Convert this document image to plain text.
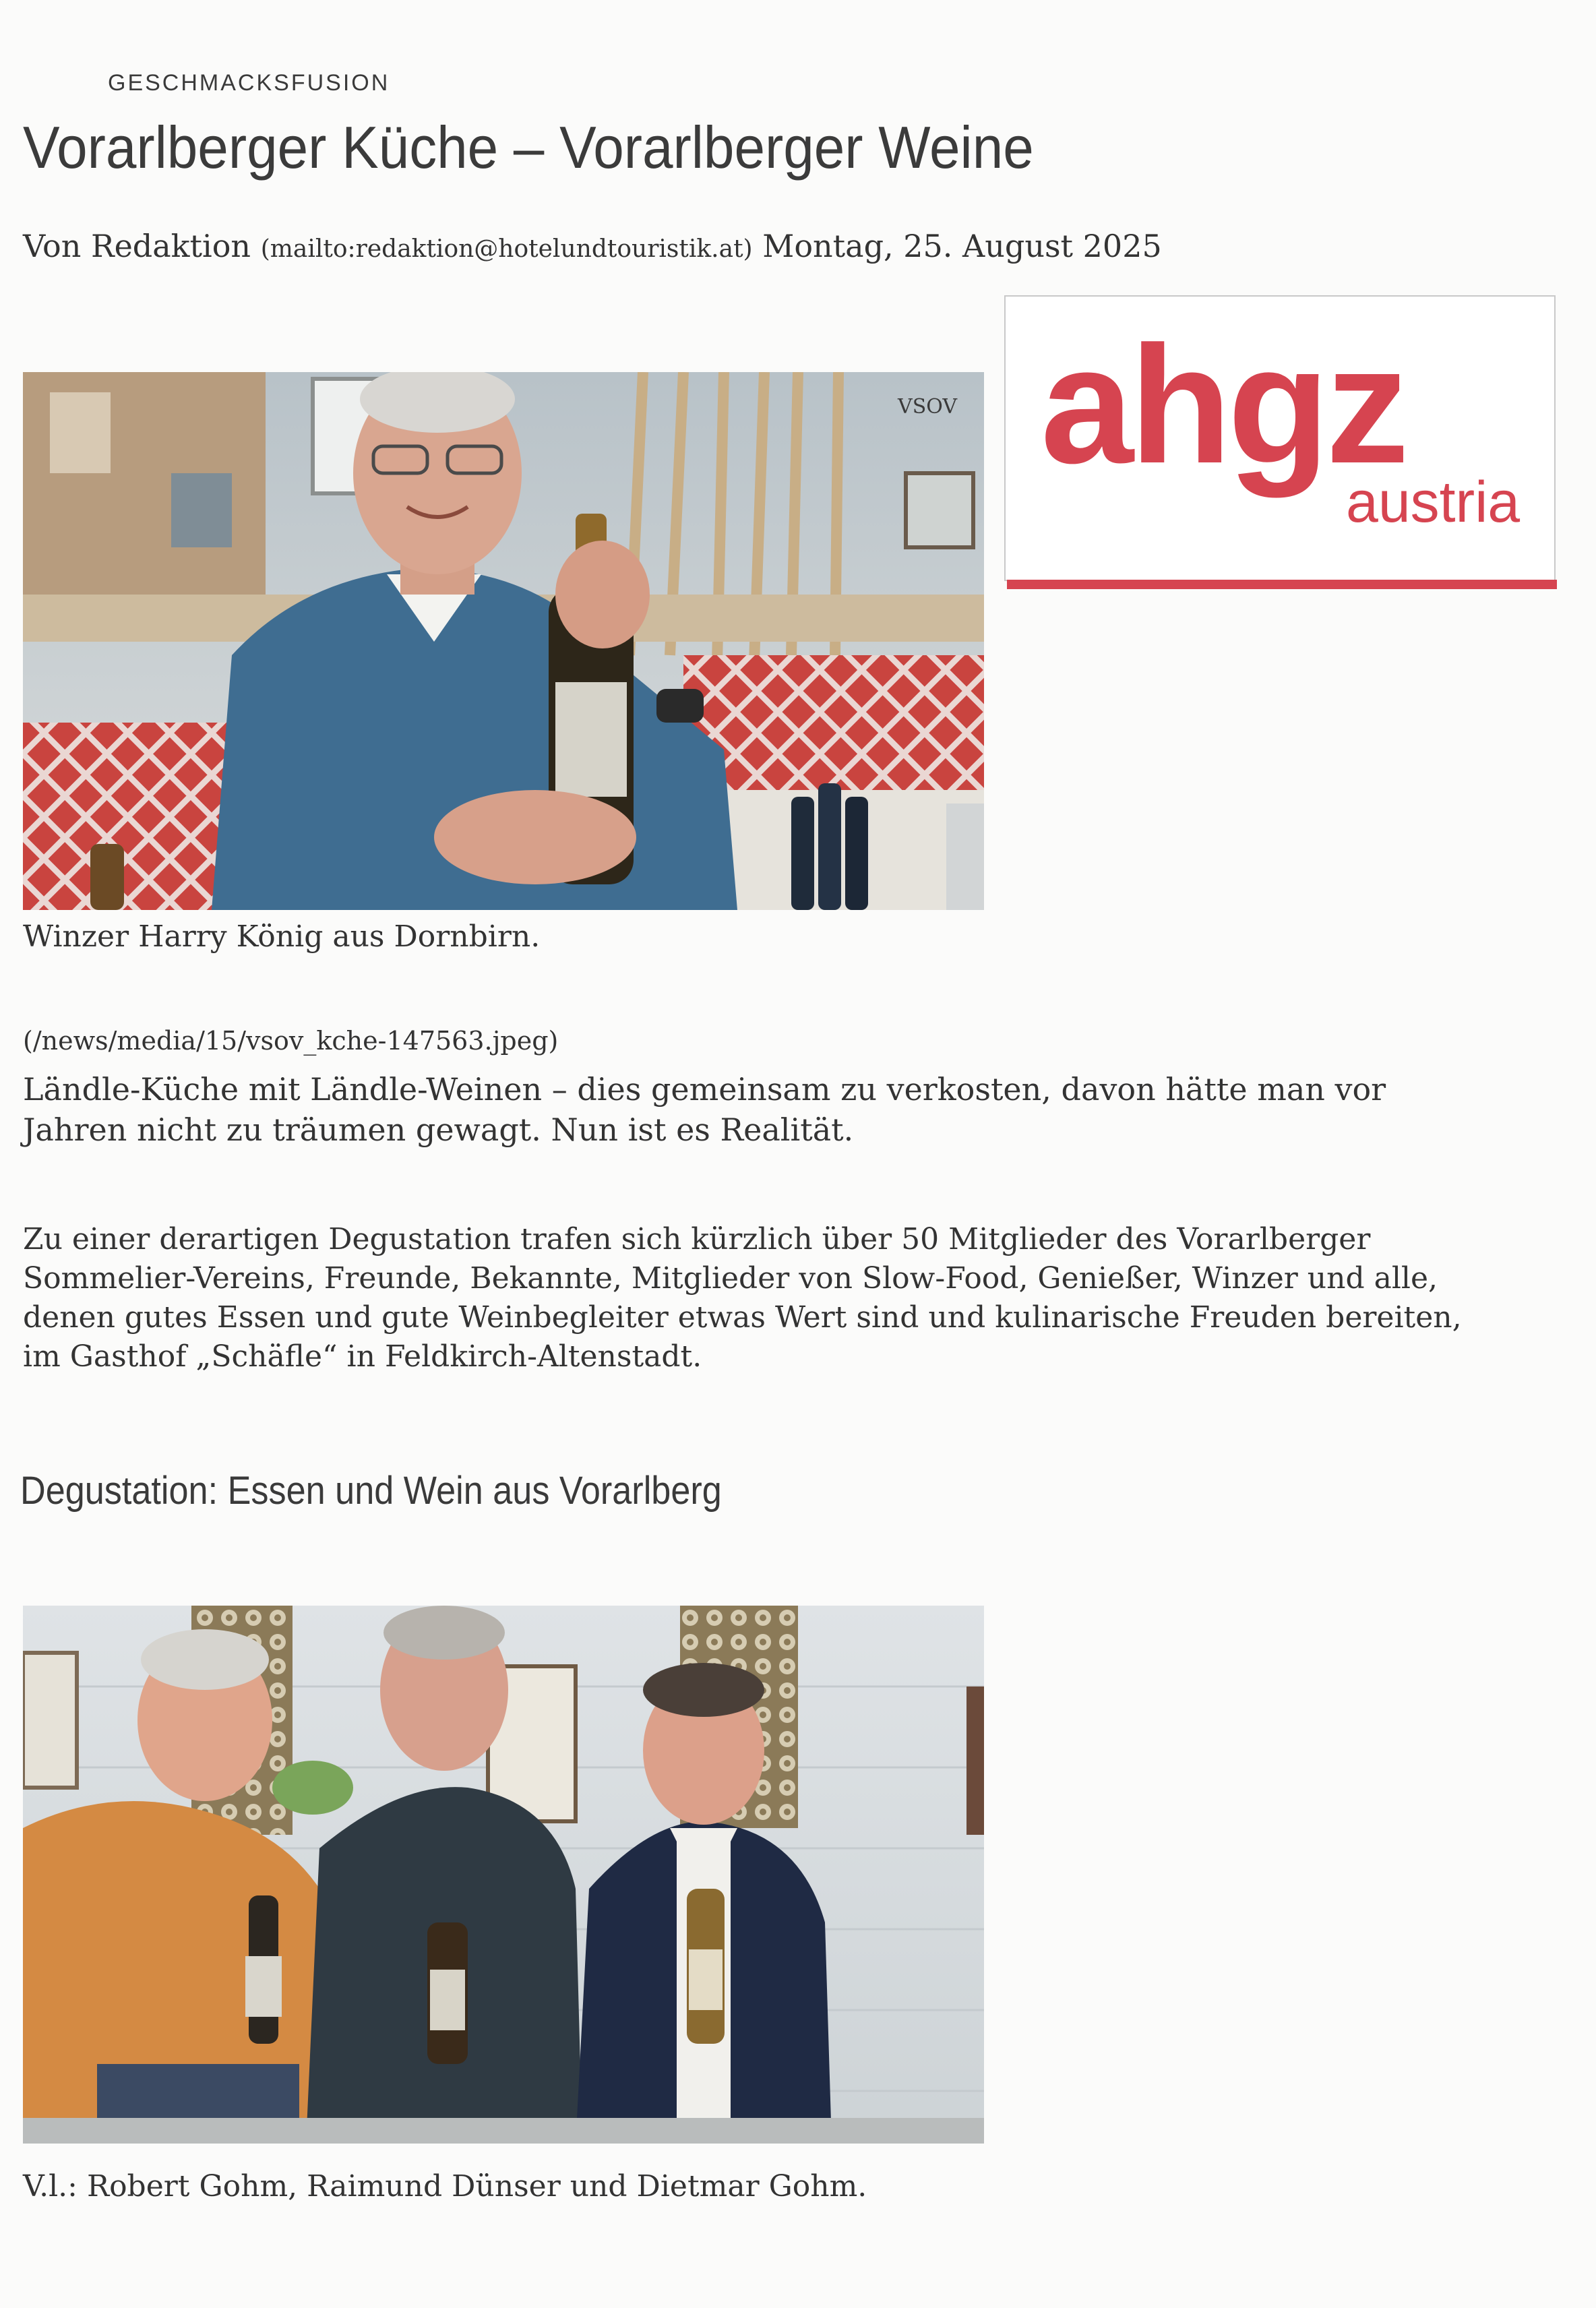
GESCHMACKSFUSION
Vorarlberger Küche – Vorarlberger Weine
Von Redaktion (mailto:redaktion@hotelundtouristik.at) Montag, 25. August 2025
ahgz
austria
VSOV
Winzer Harry König aus Dornbirn.
(/news/media/15/vsov_kche-147563.jpeg)
Ländle-Küche mit Ländle-Weinen – dies gemeinsam zu verkosten, davon hätte man vor
Jahren nicht zu träumen gewagt. Nun ist es Realität.
Zu einer derartigen Degustation trafen sich kürzlich über 50 Mitglieder des Vorarlberger
Sommelier-Vereins, Freunde, Bekannte, Mitglieder von Slow-Food, Genießer, Winzer und alle,
denen gutes Essen und gute Weinbegleiter etwas Wert sind und kulinarische Freuden bereiten,
im Gasthof „Schäfle“ in Feldkirch-Altenstadt.
Degustation: Essen und Wein aus Vorarlberg
V.l.: Robert Gohm, Raimund Dünser und Dietmar Gohm.
